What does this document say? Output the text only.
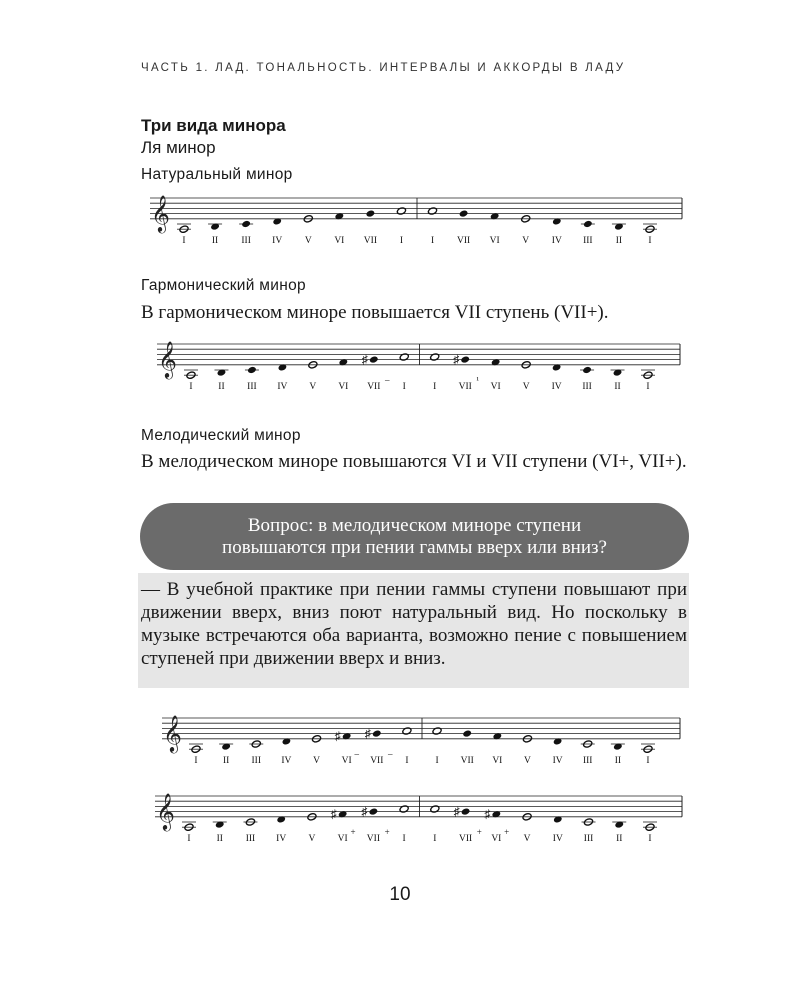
ЧАСТЬ 1. ЛАД. ТОНАЛЬНОСТЬ. ИНТЕРВАЛЫ И АККОРДЫ В ЛАДУ
Три вида минора
Ля минор
Натуральный минор
𝄞
I	II III IV V VI VII I	I VII VI V IV III II	I
Гармонический минор
В гармоническом миноре повышается VII ступень (VII+).
𝄞
I	II III IV V VI
♯
VII
–
I	I
♯
VII
¹
VI V IV III II	I
Мелодический минор
В мелодическом миноре повышаются VI и VII ступени (VI+, VII+).
Вопрос: в мелодическом миноре ступени
повышаются при пении гаммы вверх или вниз?
— В учебной практике при пении гаммы ступени повышают при движении вверх, вниз поют натуральный вид. Но поскольку в музыке встречаются оба варианта, возможно пение с повышением ступеней при движении вверх и вниз.
𝄞
I	II III IV V
♯
VI
–
♯
VII
–
I	I VII VI V IV III II	I
𝄞
I	II III IV V
♯
VI
+
♯
VII
+
I	I
♯
VII
+
♯
VI
+
V IV III II	I
10
